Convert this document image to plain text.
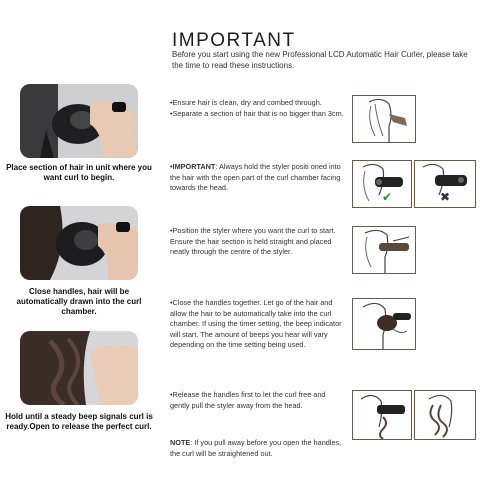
IMPORTANT
Before you start using the new Professional LCD Automatic Hair Curler, please take the time to read these instructions.
Place section of hair in unit where you want curl to begin.
Close handles, hair will be automatically drawn into the curl chamber.
Hold until a steady beep signals curl is ready.Open to release the perfect curl.
•Ensure hair is clean, dry and combed through.
•Separate a section of hair that is no bigger than 3cm.
•IMPORTANT: Always hold the styler positi oned into the hair with the open part of the curl chamber facing towards the head.
•Position the styler where you want the curl to start. Ensure the hair section is held straight and placed neatly through the centre of the styler.
•Close the handles together. Let go of the hair and allow the hair to be automatically take into the curl chamber. If using the timer setting, the beep indicator will start. The amount of beeps you hear will vary depending on the time setting being used.
•Release the handles first to let the curl free and gently pull the styler away from the head.
NOTE: If you pull away before you open the handles, the curl will be straightened out.
✔	✖
